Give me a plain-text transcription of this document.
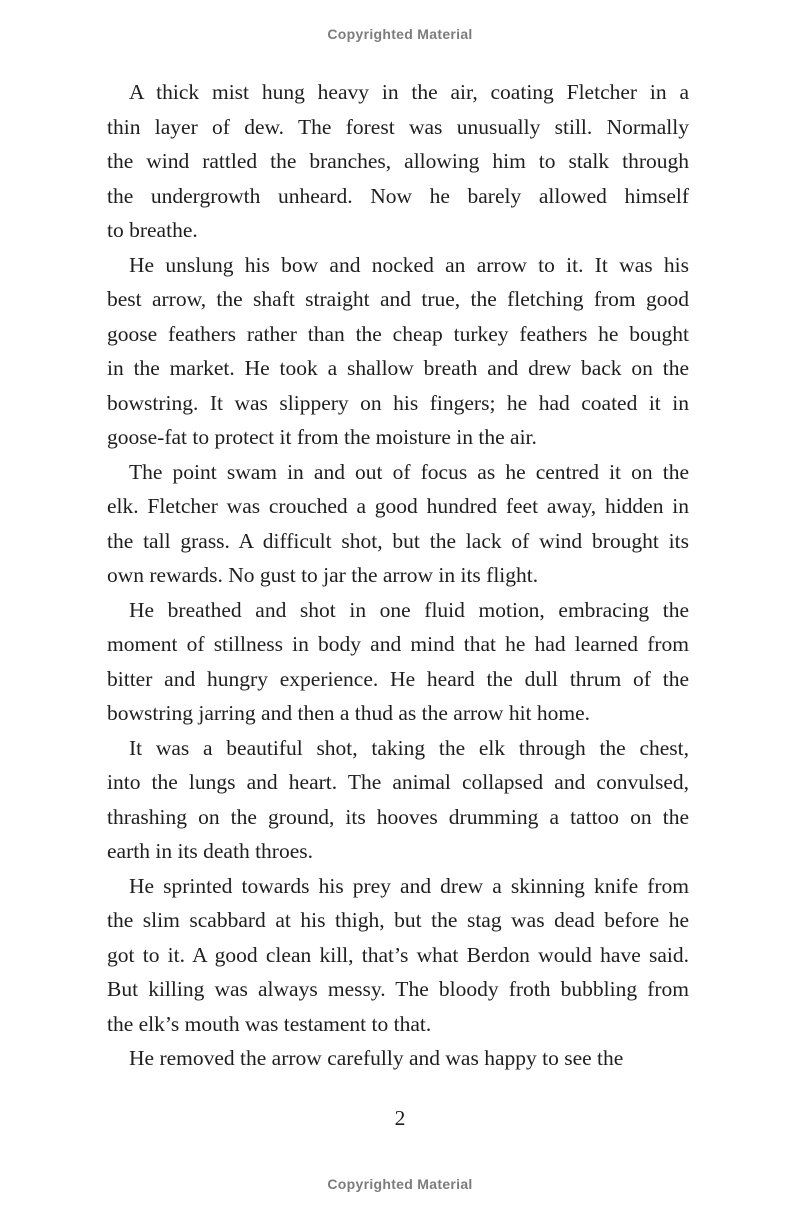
Copyrighted Material
A thick mist hung heavy in the air, coating Fletcher in a
thin layer of dew. The forest was unusually still. Normally
the wind rattled the branches, allowing him to stalk through
the undergrowth unheard. Now he barely allowed himself
to breathe.
He unslung his bow and nocked an arrow to it. It was his
best arrow, the shaft straight and true, the fletching from good
goose feathers rather than the cheap turkey feathers he bought
in the market. He took a shallow breath and drew back on the
bowstring. It was slippery on his fingers; he had coated it in
goose-fat to protect it from the moisture in the air.
The point swam in and out of focus as he centred it on the
elk. Fletcher was crouched a good hundred feet away, hidden in
the tall grass. A difficult shot, but the lack of wind brought its
own rewards. No gust to jar the arrow in its flight.
He breathed and shot in one fluid motion, embracing the
moment of stillness in body and mind that he had learned from
bitter and hungry experience. He heard the dull thrum of the
bowstring jarring and then a thud as the arrow hit home.
It was a beautiful shot, taking the elk through the chest,
into the lungs and heart. The animal collapsed and convulsed,
thrashing on the ground, its hooves drumming a tattoo on the
earth in its death throes.
He sprinted towards his prey and drew a skinning knife from
the slim scabbard at his thigh, but the stag was dead before he
got to it. A good clean kill, that’s what Berdon would have said.
But killing was always messy. The bloody froth bubbling from
the elk’s mouth was testament to that.
He removed the arrow carefully and was happy to see the
2
Copyrighted Material
